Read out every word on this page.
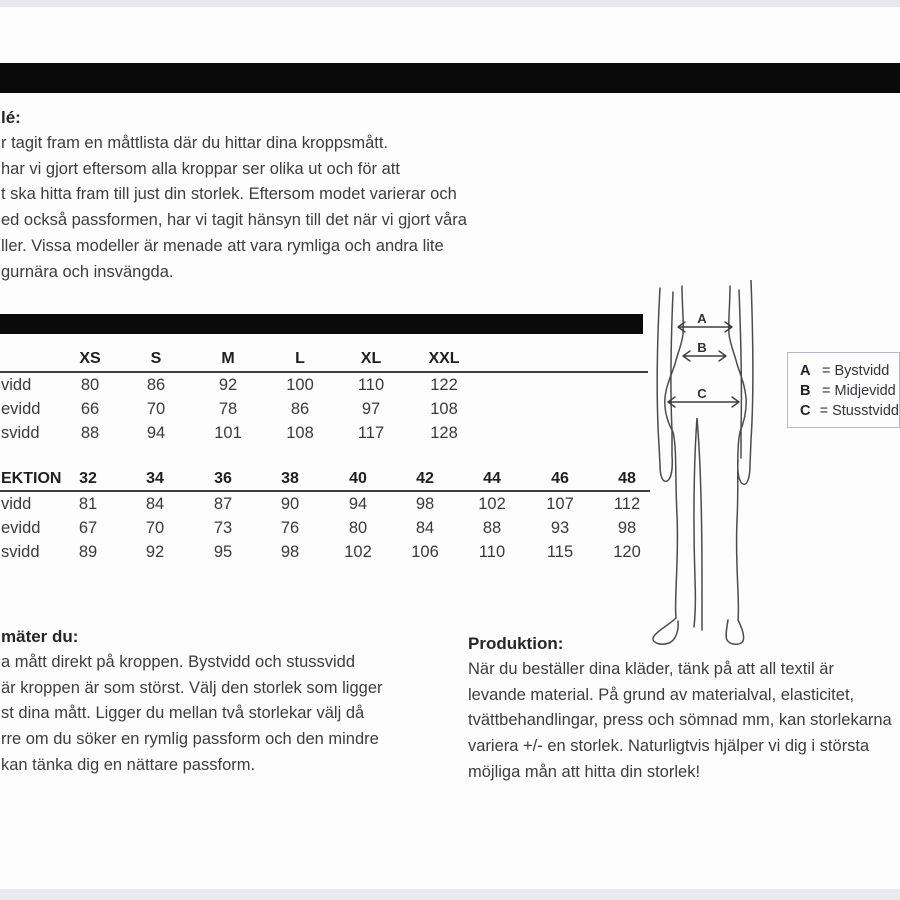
lé:
r tagit fram en måttlista där du hittar dina kroppsmått.
har vi gjort eftersom alla kroppar ser olika ut och för att
t ska hitta fram till just din storlek. Eftersom modet varierar och
ed också passformen, har vi tagit hänsyn till det när vi gjort våra
ller. Vissa modeller är menade att vara rymliga och andra lite
gurnära och insvängda.
XS	S	M	L	XL	XXL
vidd	80	86	92	100	110	122
evidd 66	70	78	86	97	108
svidd	88	94	101	108	117	128
EKTION 32	34	36	38	40	42	44	46	48
vidd	81	84	87	90	94	98	102 107 112
evidd 67	70	73	76	80	84	88	93	98
svidd 89	92	95	98	102 106 110	115 120
A
B
C
A = Bystvidd
B = Midjevidd
C = Stusstvidd
mäter du:
a mått direkt på kroppen. Bystvidd och stussvidd
är kroppen är som störst. Välj den storlek som ligger
st dina mått. Ligger du mellan två storlekar välj då
rre om du söker en rymlig passform och den mindre
kan tänka dig en nättare passform.
Produktion:
När du beställer dina kläder, tänk på att all textil är
levande material. På grund av materialval, elasticitet,
tvättbehandlingar, press och sömnad mm, kan storlekarna
variera +/- en storlek. Naturligtvis hjälper vi dig i största
möjliga mån att hitta din storlek!
